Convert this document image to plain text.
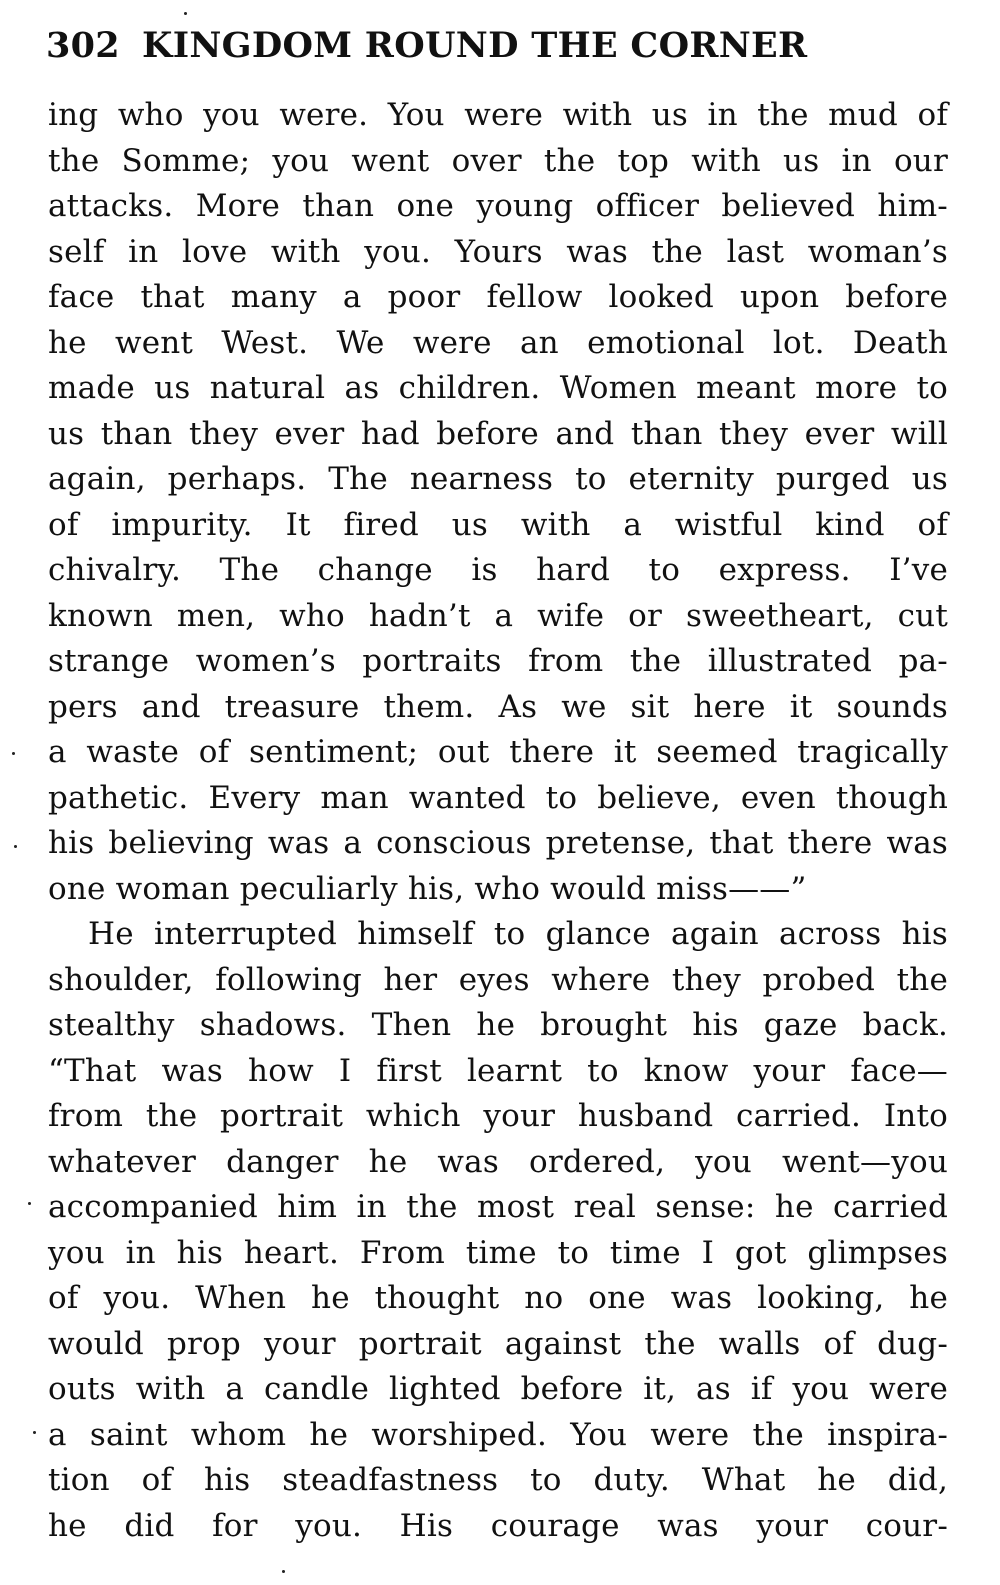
302 KINGDOM ROUND THE CORNER
ing who you were. You were with us in the mud of
the Somme; you went over the top with us in our
attacks. More than one young officer believed him-
self in love with you. Yours was the last woman’s
face that many a poor fellow looked upon before
he went West. We were an emotional lot. Death
made us natural as children. Women meant more to
us than they ever had before and than they ever will
again, perhaps. The nearness to eternity purged us
of impurity. It fired us with a wistful kind of
chivalry. The change is hard to express. I’ve
known men, who hadn’t a wife or sweetheart, cut
strange women’s portraits from the illustrated pa-
pers and treasure them. As we sit here it sounds
a waste of sentiment; out there it seemed tragically
pathetic. Every man wanted to believe, even though
his believing was a conscious pretense, that there was
one woman peculiarly his, who would miss——”
He interrupted himself to glance again across his
shoulder, following her eyes where they probed the
stealthy shadows. Then he brought his gaze back.
“That was how I first learnt to know your face—
from the portrait which your husband carried. Into
whatever danger he was ordered, you went—you
accompanied him in the most real sense: he carried
you in his heart. From time to time I got glimpses
of you. When he thought no one was looking, he
would prop your portrait against the walls of dug-
outs with a candle lighted before it, as if you were
a saint whom he worshiped. You were the inspira-
tion of his steadfastness to duty. What he did,
he did for you. His courage was your cour-
